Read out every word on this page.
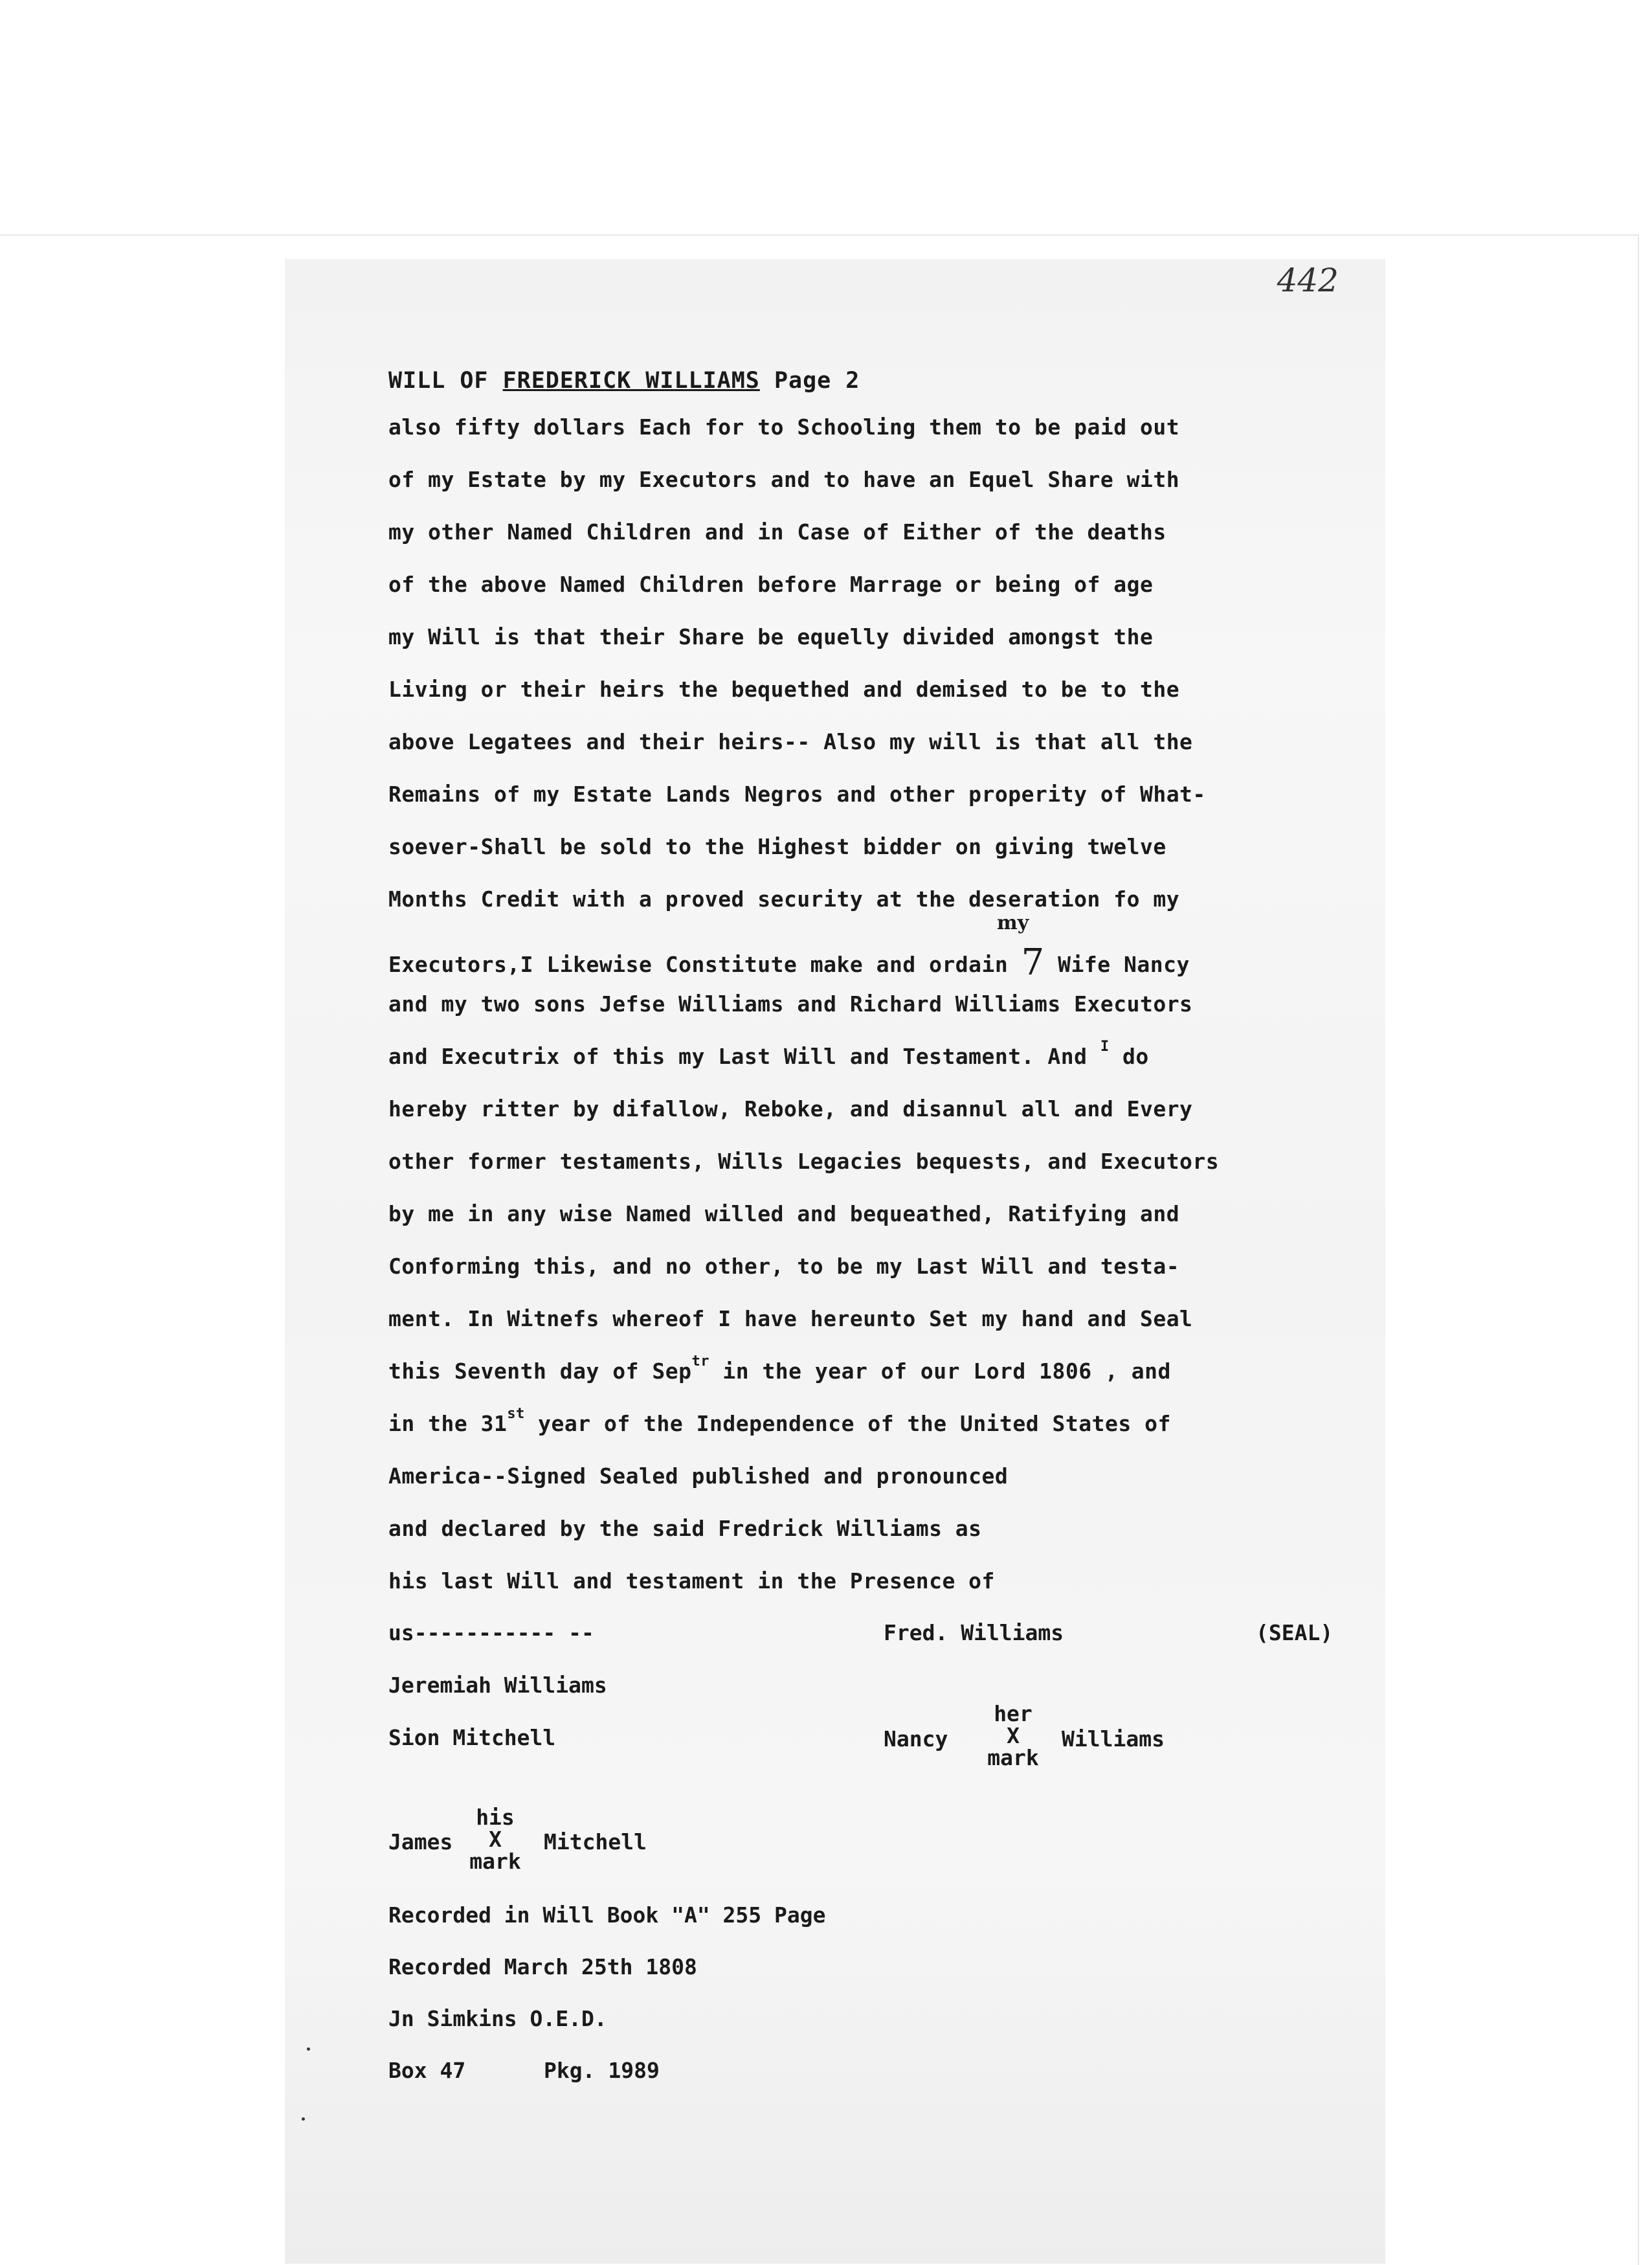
442
WILL OF FREDERICK WILLIAMS Page 2
also fifty dollars Each for to Schooling them to be paid out
of my Estate by my Executors and to have an Equel Share with
my other Named Children and in Case of Either of the deaths
of the above Named Children before Marrage or being of age
my Will is that their Share be equelly divided amongst the
Living or their heirs the bequethed and demised to be to the
above Legatees and their heirs-- Also my will is that all the
Remains of my Estate Lands Negros and other properity of What-
soever-Shall be sold to the Highest bidder on giving twelve
Months Credit with a proved security at the deseration fo my
Executors,I Likewise Constitute make and ordain 7 Wife Nancy
and my two sons Jefse Williams and Richard Williams Executors
and Executrix of this my Last Will and Testament. And $^I$ do
hereby ritter by difallow, Reboke, and disannul all and Every
other former testaments, Wills Legacies bequests, and Executors
by me in any wise Named willed and bequeathed, Ratifying and
Conforming this, and no other, to be my Last Will and testa-
ment. In Witnefs whereof I have hereunto Set my hand and Seal
this Seventh day of Sep$^{tr}$ in the year of our Lord 1806 , and
in the 31st year of the Independence of the United States of
America--Signed Sealed published and pronounced
and declared by the said Fredrick Williams as
his last Will and testament in the Presence of
my
us----------- --	Fred. Williams	(SEAL)
Jeremiah Williams
Sion Mitchell	Nancy
her
X
mark
Williams
James
his
X
mark
Mitchell
Recorded in Will Book "A" 255 Page
Recorded March 25th 1808
Jn Simkins O.E.D.
Box 47	Pkg. 1989
